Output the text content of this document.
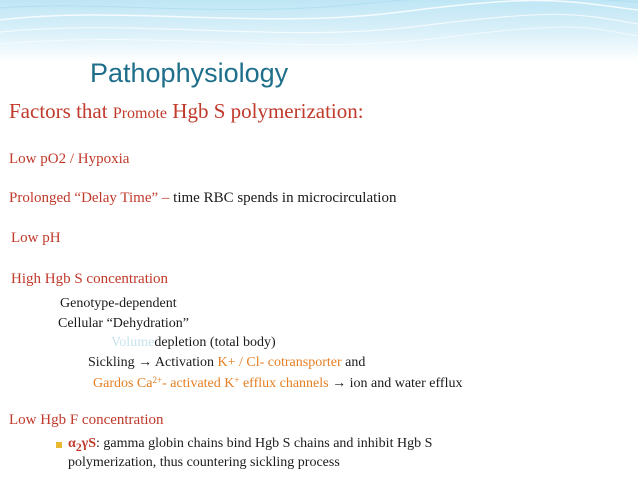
Pathophysiology
Factors that Promote Hgb S polymerization:
Low pO2 / Hypoxia
Prolonged “Delay Time” – time RBC spends in microcirculation
Low pH
High Hgb S concentration
Genotype-dependent
Cellular “Dehydration”
Volumedepletion (total body)
Sickling → Activation K+ / Cl- cotransporter and
Gardos $Ca^{2+}-$ activated K+ efflux channels → ion and water efflux
Low Hgb F concentration
$\alpha_2\gamma S$: gamma globin chains bind Hgb S chains and inhibit Hgb S
polymerization, thus countering sickling process
